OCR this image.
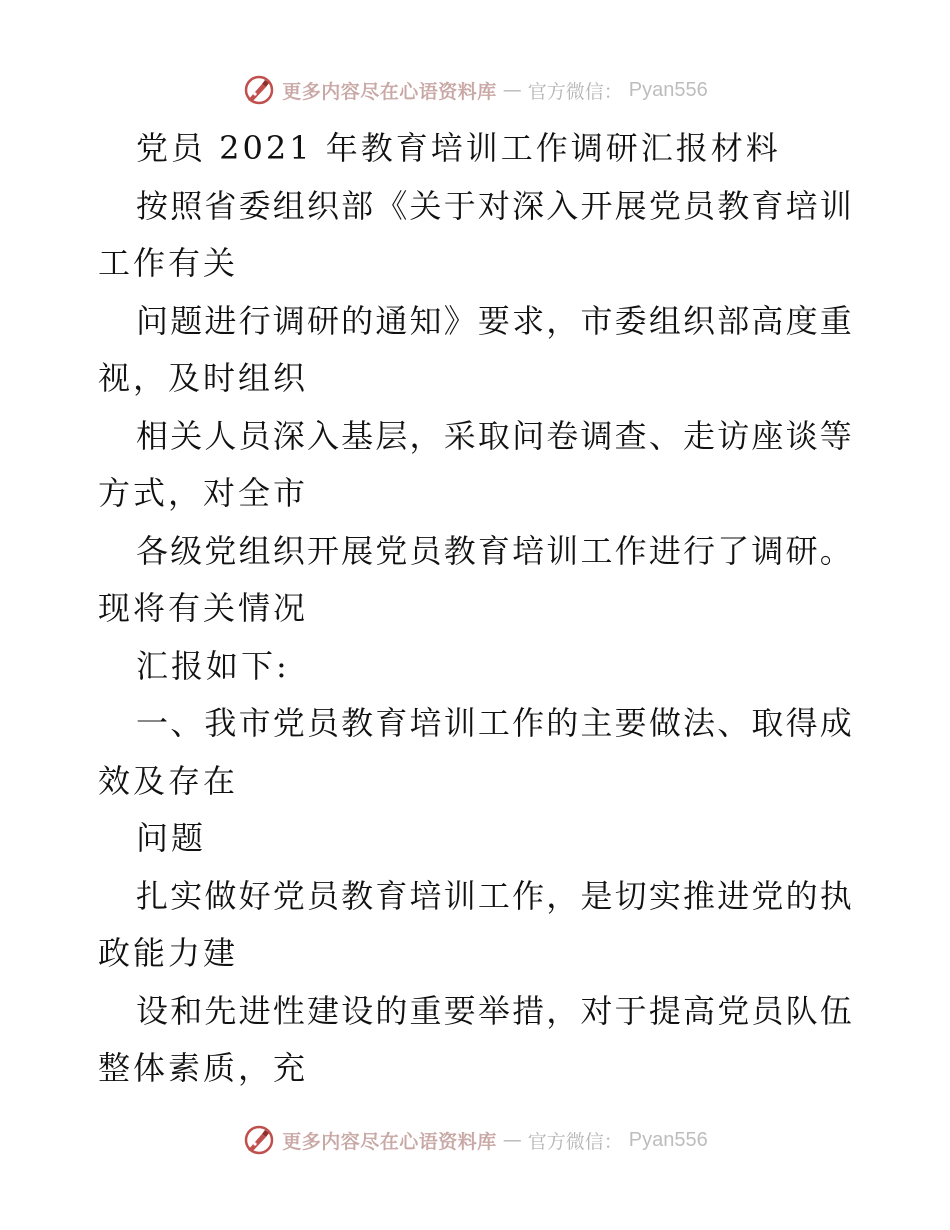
更多内容尽在心语资料库 — 官方微信： Pyan556
党员 2021 年教育培训工作调研汇报材料
按 照 省 委 组 织 部 《 关 于 对 深 入 开 展 党 员 教 育 培 训
工作有关
问 题 进 行 调 研 的 通 知 》 要 求 ， 市 委 组 织 部 高 度 重
视，及时组织
相 关 人 员 深 入 基 层 ， 采 取 问 卷 调 查 、 走 访 座 谈 等
方式，对全市
各 级 党 组 织 开 展 党 员 教 育 培 训 工 作 进 行 了 调 研 。
现将有关情况
汇报如下:
一 、 我 市 党 员 教 育 培 训 工 作 的 主 要 做 法 、 取 得 成
效及存在
问题
扎 实 做 好 党 员 教 育 培 训 工 作 ， 是 切 实 推 进 党 的 执
政能力建
设 和 先 进 性 建 设 的 重 要 举 措 ， 对 于 提 高 党 员 队 伍
整体素质，充
更多内容尽在心语资料库 — 官方微信： Pyan556
